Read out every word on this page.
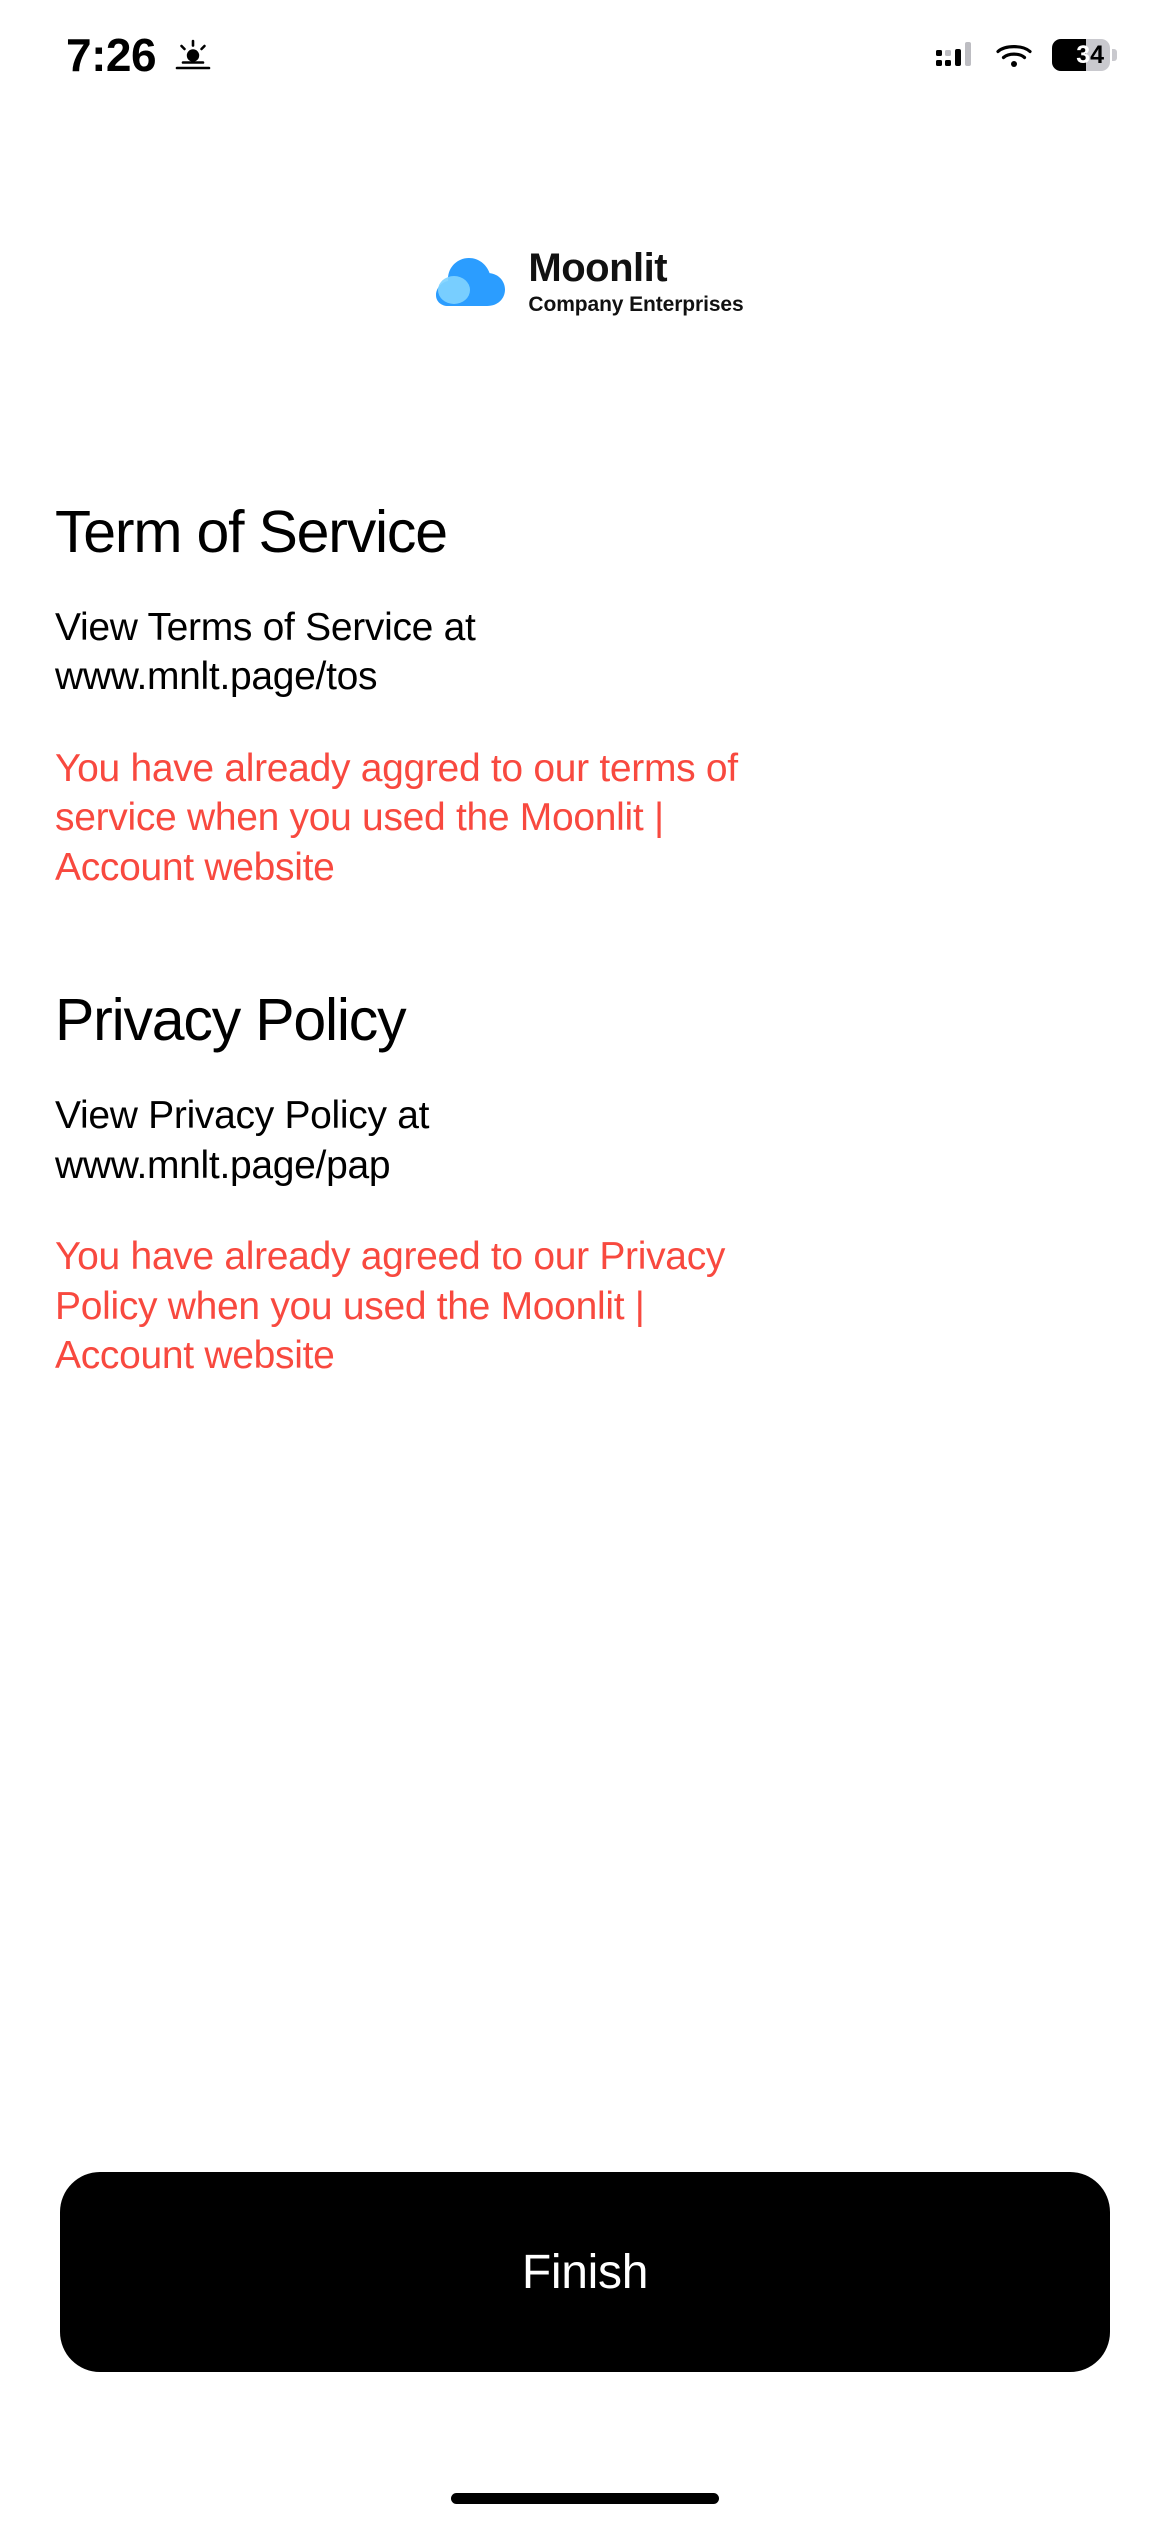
7:26	34
Moonlit
Company Enterprises
Term of Service

View Terms of Service at www.mnlt.page/tos

You have already aggred to our terms of service when you used the Moonlit | Account website

Privacy Policy

View Privacy Policy at www.mnlt.page/pap

You have already agreed to our Privacy Policy when you used the Moonlit | Account website

Finish
